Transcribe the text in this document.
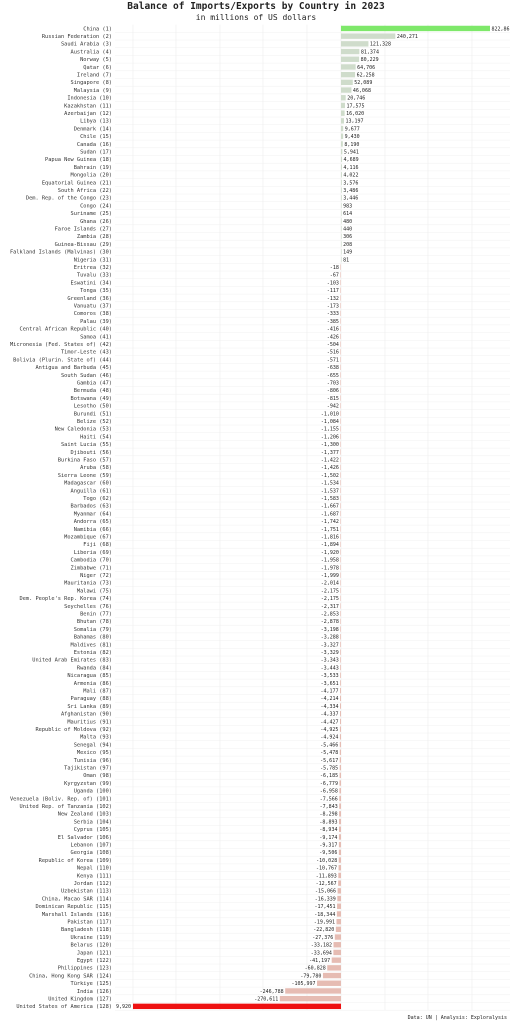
Balance of Imports/Exports by Country in 2023
in millions of US dollars
China (1)	822,86
Russian Federation (2)	240,271
Saudi Arabia (3)	121,328
Australia (4)	81,374
Norway (5)	80,229
Qatar (6)	64,706
Ireland (7)	62,258
Singapore (8)	52,089
Malaysia (9)	46,068
Indonesia (10)	20,746
Kazakhstan (11)	17,575
Azerbaijan (12)	16,020
Libya (13)	13,197
Denmark (14)	9,677
Chile (15)	9,430
Canada (16)	8,190
Sudan (17)	5,941
Papua New Guinea (18)	4,689
Bahrain (19)	4,116
Mongolia (20)	4,022
Equatorial Guinea (21)	3,576
South Africa (22)	3,486
Dem. Rep. of the Congo (23)	3,446
Congo (24)	983
Suriname (25)	614
Ghana (26)	480
Faroe Islands (27)	440
Zambia (28)	306
Guinea-Bissau (29)	208
Falkland Islands (Malvinas) (30)	149
Nigeria (31)	81
Eritrea (32)	-18
Tuvalu (33)	-67
Eswatini (34)	-103
Tonga (35)	-117
Greenland (36)	-132
Vanuatu (37)	-173
Comoros (38)	-333
Palau (39)	-385
Central African Republic (40)	-416
Samoa (41)	-426
Micronesia (Fed. States of) (42)	-504
Timor-Leste (43)	-516
Bolivia (Plurin. State of) (44)	-571
Antigua and Barbuda (45)	-638
South Sudan (46)	-655
Gambia (47)	-703
Bermuda (48)	-806
Botswana (49)	-815
Lesotho (50)	-942
Burundi (51)	-1,010
Belize (52)	-1,084
New Caledonia (53)	-1,155
Haiti (54)	-1,206
Saint Lucia (55)	-1,300
Djibouti (56)	-1,377
Burkina Faso (57)	-1,422
Aruba (58)	-1,426
Sierra Leone (59)	-1,502
Madagascar (60)	-1,534
Anguilla (61)	-1,537
Togo (62)	-1,583
Barbados (63)	-1,667
Myanmar (64)	-1,687
Andorra (65)	-1,742
Namibia (66)	-1,751
Mozambique (67)	-1,816
Fiji (68)	-1,894
Liberia (69)	-1,920
Cambodia (70)	-1,958
Zimbabwe (71)	-1,978
Niger (72)	-1,999
Mauritania (73)	-2,014
Malawi (75)	-2,175
Dem. People's Rep. Korea (74)	-2,175
Seychelles (76)	-2,317
Benin (77)	-2,853
Bhutan (78)	-2,878
Somalia (79)	-3,198
Bahamas (80)	-3,288
Maldives (81)	-3,327
Estonia (82)	-3,329
United Arab Emirates (83)	-3,343
Rwanda (84)	-3,443
Nicaragua (85)	-3,533
Armenia (86)	-3,651
Mali (87)	-4,177
Paraguay (88)	-4,214
Sri Lanka (89)	-4,334
Afghanistan (90)	-4,337
Mauritius (91)	-4,427
Republic of Moldova (92)	-4,925
Malta (93)	-4,924
Senegal (94)	-5,466
Mexico (95)	-5,478
Tunisia (96)	-5,617
Tajikistan (97)	-5,785
Oman (98)	-6,185
Kyrgyzstan (99)	-6,779
Uganda (100)	-6,958
Venezuela (Boliv. Rep. of) (101)	-7,566
United Rep. of Tanzania (102)	-7,843
New Zealand (103)	-8,298
Serbia (104)	-8,893
Cyprus (105)	-8,934
El Salvador (106)	-9,174
Lebanon (107)	-9,317
Georgia (108)	-9,506
Republic of Korea (109)	-10,028
Nepal (110)	-10,767
Kenya (111)	-11,893
Jordan (112)	-12,567
Uzbekistan (113)	-15,066
China, Macao SAR (114)	-16,339
Dominican Republic (115)	-17,451
Marshall Islands (116)	-18,344
Pakistan (117)	-19,991
Bangladesh (118)	-22,820
Ukraine (119)	-27,376
Belarus (120)	-33,182
Japan (121)	-33,694
Egypt (122)	-41,197
Philippines (123)	-60,828
China, Hong Kong SAR (124)	-79,780
Türkiye (125)	-105,997
India (126)	-246,788
United Kingdom (127)	-270,611
United States of America (128) 9,920
Data: UN | Analysis: Exploralysis
